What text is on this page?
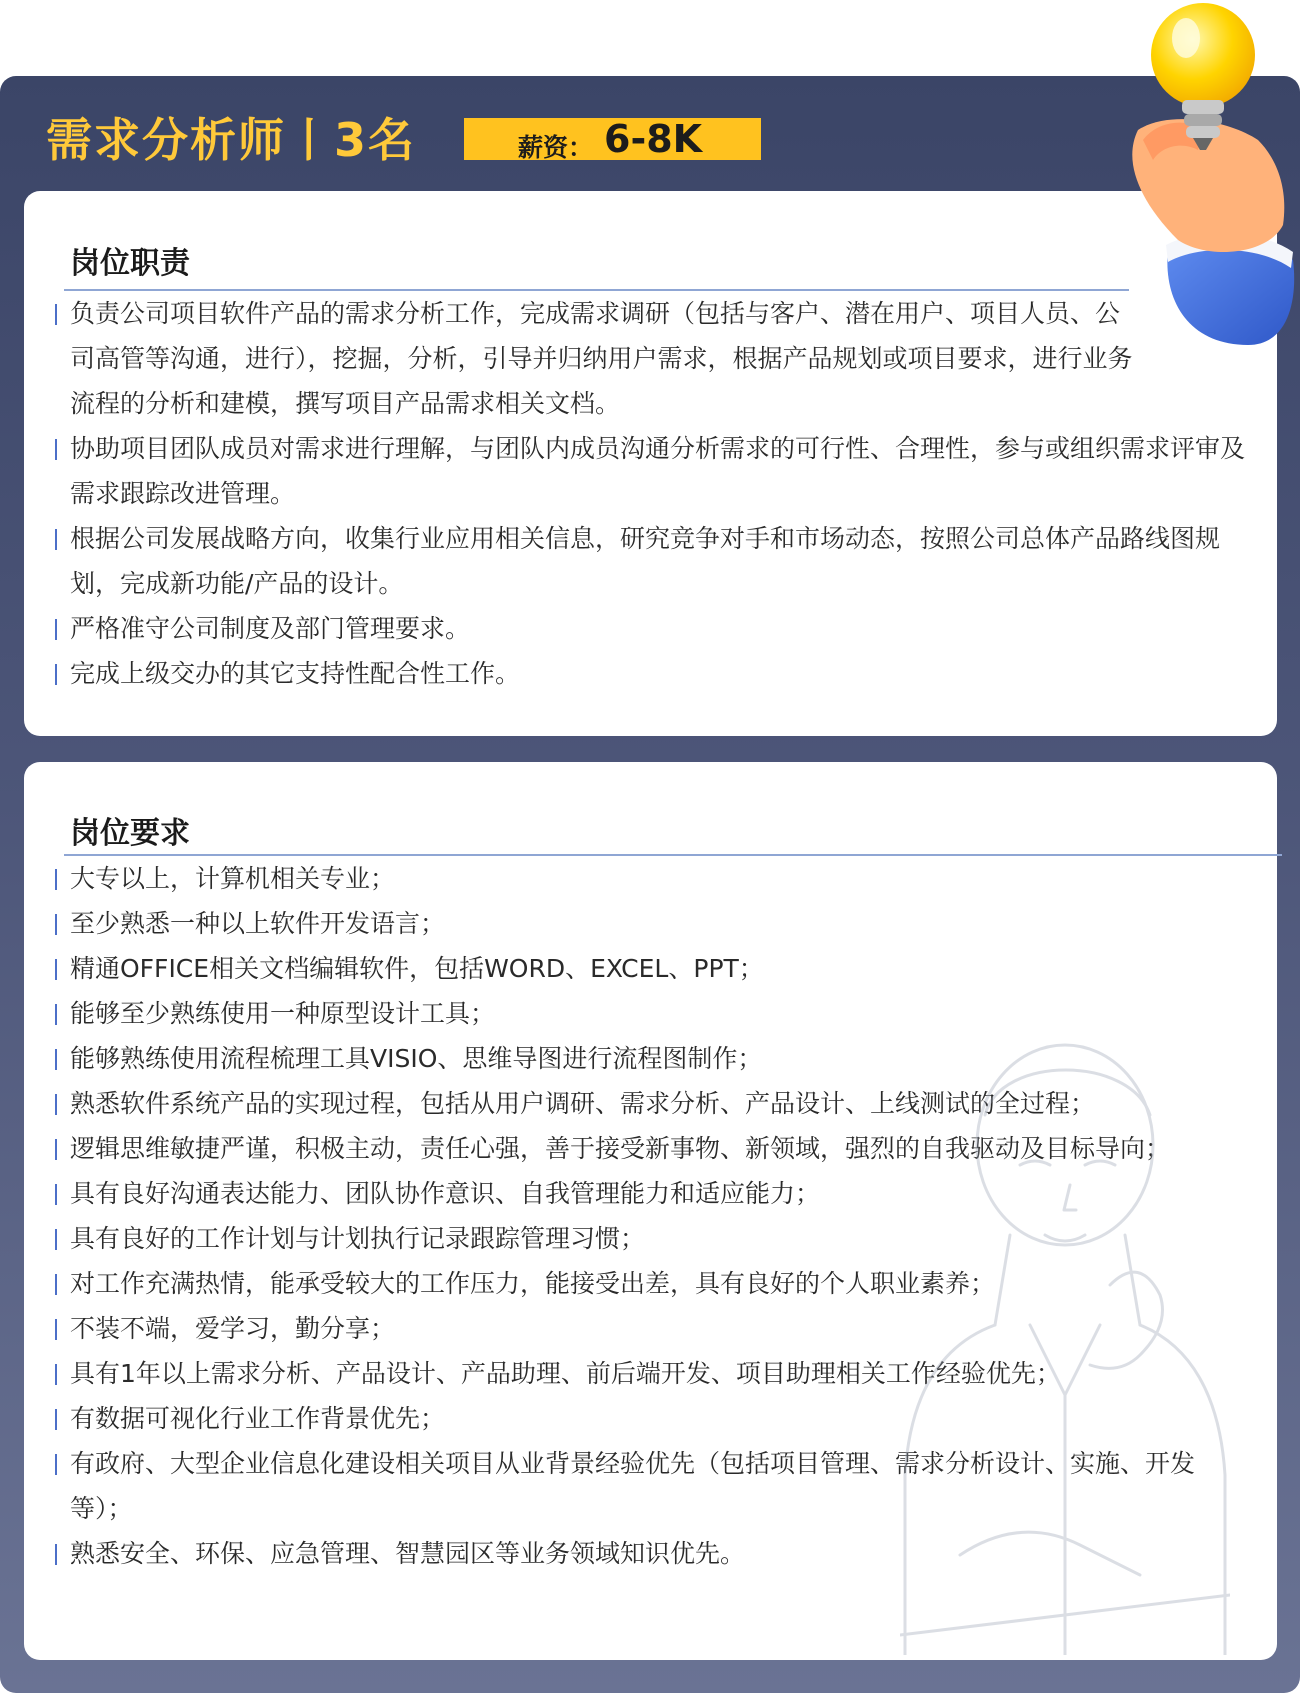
需求分析师丨3名	薪资： 6-8K
岗位职责
负责公司项目软件产品的需求分析工作，完成需求调研（包括与客户、潜在用户、项目人员、公司高管等沟通，进行），挖掘，分析，引导并归纳用户需求，根据产品规划或项目要求，进行业务流程的分析和建模，撰写项目产品需求相关文档。
协助项目团队成员对需求进行理解，与团队内成员沟通分析需求的可行性、合理性，参与或组织需求评审及需求跟踪改进管理。
根据公司发展战略方向，收集行业应用相关信息，研究竞争对手和市场动态，按照公司总体产品路线图规划，完成新功能/产品的设计。
严格准守公司制度及部门管理要求。
完成上级交办的其它支持性配合性工作。
岗位要求
大专以上，计算机相关专业；
至少熟悉一种以上软件开发语言；
精通OFFICE相关文档编辑软件，包括WORD、EXCEL、PPT；
能够至少熟练使用一种原型设计工具；
能够熟练使用流程梳理工具VISIO、思维导图进行流程图制作；
熟悉软件系统产品的实现过程，包括从用户调研、需求分析、产品设计、上线测试的全过程；
逻辑思维敏捷严谨，积极主动，责任心强，善于接受新事物、新领域，强烈的自我驱动及目标导向；
具有良好沟通表达能力、团队协作意识、自我管理能力和适应能力；
具有良好的工作计划与计划执行记录跟踪管理习惯；
对工作充满热情，能承受较大的工作压力，能接受出差，具有良好的个人职业素养；
不装不端，爱学习，勤分享；
具有1年以上需求分析、产品设计、产品助理、前后端开发、项目助理相关工作经验优先；
有数据可视化行业工作背景优先；
有政府、大型企业信息化建设相关项目从业背景经验优先（包括项目管理、需求分析设计、实施、开发等）；
熟悉安全、环保、应急管理、智慧园区等业务领域知识优先。
